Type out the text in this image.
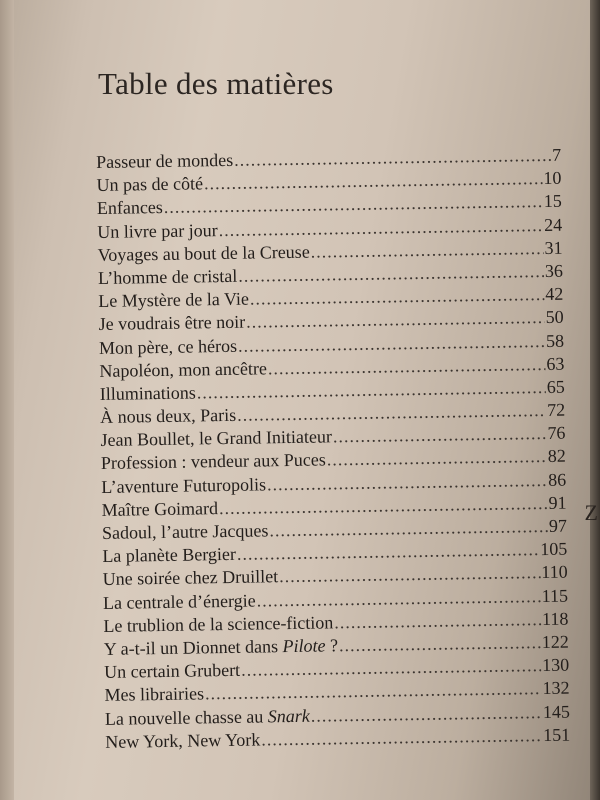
Z
Table des matières
Passeur de mondes .....	7
Un pas de côté .....	10
Enfances .....	15
Un livre par jour .....	24
Voyages au bout de la Creuse .....	31
L’homme de cristal .....	36
Le Mystère de la Vie .....	42
Je voudrais être noir .....	50
Mon père, ce héros .....	58
Napoléon, mon ancêtre .....	63
Illuminations .....	65
À nous deux, Paris .....	72
Jean Boullet, le Grand Initiateur .....	76
Profession : vendeur aux Puces .....	82
L’aventure Futuropolis .....	86
Maître Goimard .....	91
Sadoul, l’autre Jacques .....	97
La planète Bergier .....	105
Une soirée chez Druillet .....	110
La centrale d’énergie .....	115
Le trublion de la science-fiction .....	118
Y a-t-il un Dionnet dans Pilote ? .....	122
Un certain Grubert .....	130
Mes librairies .....	132
La nouvelle chasse au Snark .....	145
New York, New York .....	151
